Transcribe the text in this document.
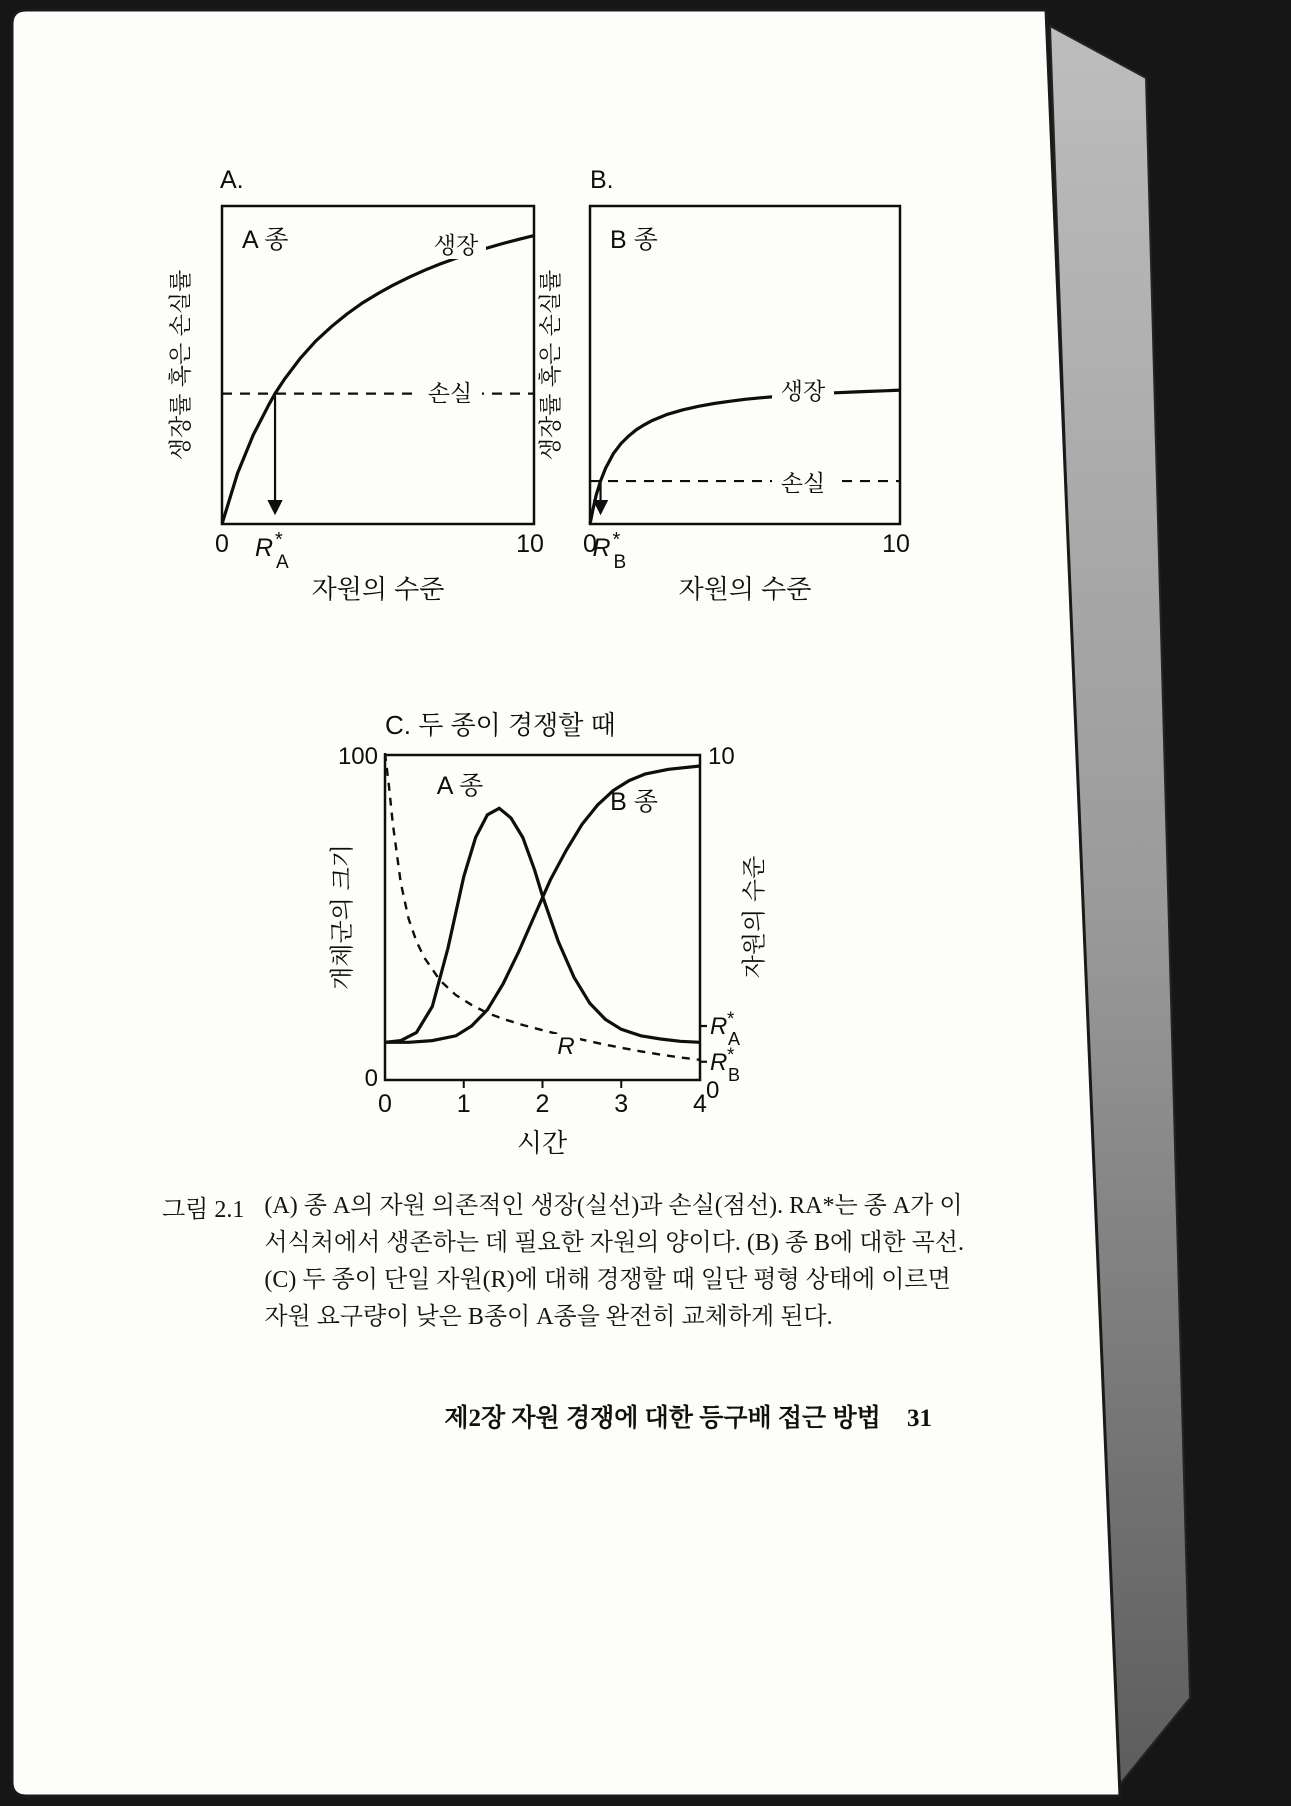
A.
생장률 혹은 손실률
A 종	생장
손실
0	10
R *
A
자원의 수준
B.
생장률 혹은 손실률
B 종
생장
손실
0	10
R *
B
자원의 수준
C. 두 종이 경쟁할 때
개체군의 크기	자원의 수준
100
0
10
0
A 종
B 종
R
R *
A
R *
B
0	1	2	3	4
시간
그림 2.1 (A) 종 A의 자원 의존적인 생장(실선)과 손실(점선). RA*는 종 A가 이
서식처에서 생존하는 데 필요한 자원의 양이다. (B) 종 B에 대한 곡선.
(C) 두 종이 단일 자원(R)에 대해 경쟁할 때 일단 평형 상태에 이르면
자원 요구량이 낮은 B종이 A종을 완전히 교체하게 된다.
제2장 자원 경쟁에 대한 등구배 접근 방법 31
